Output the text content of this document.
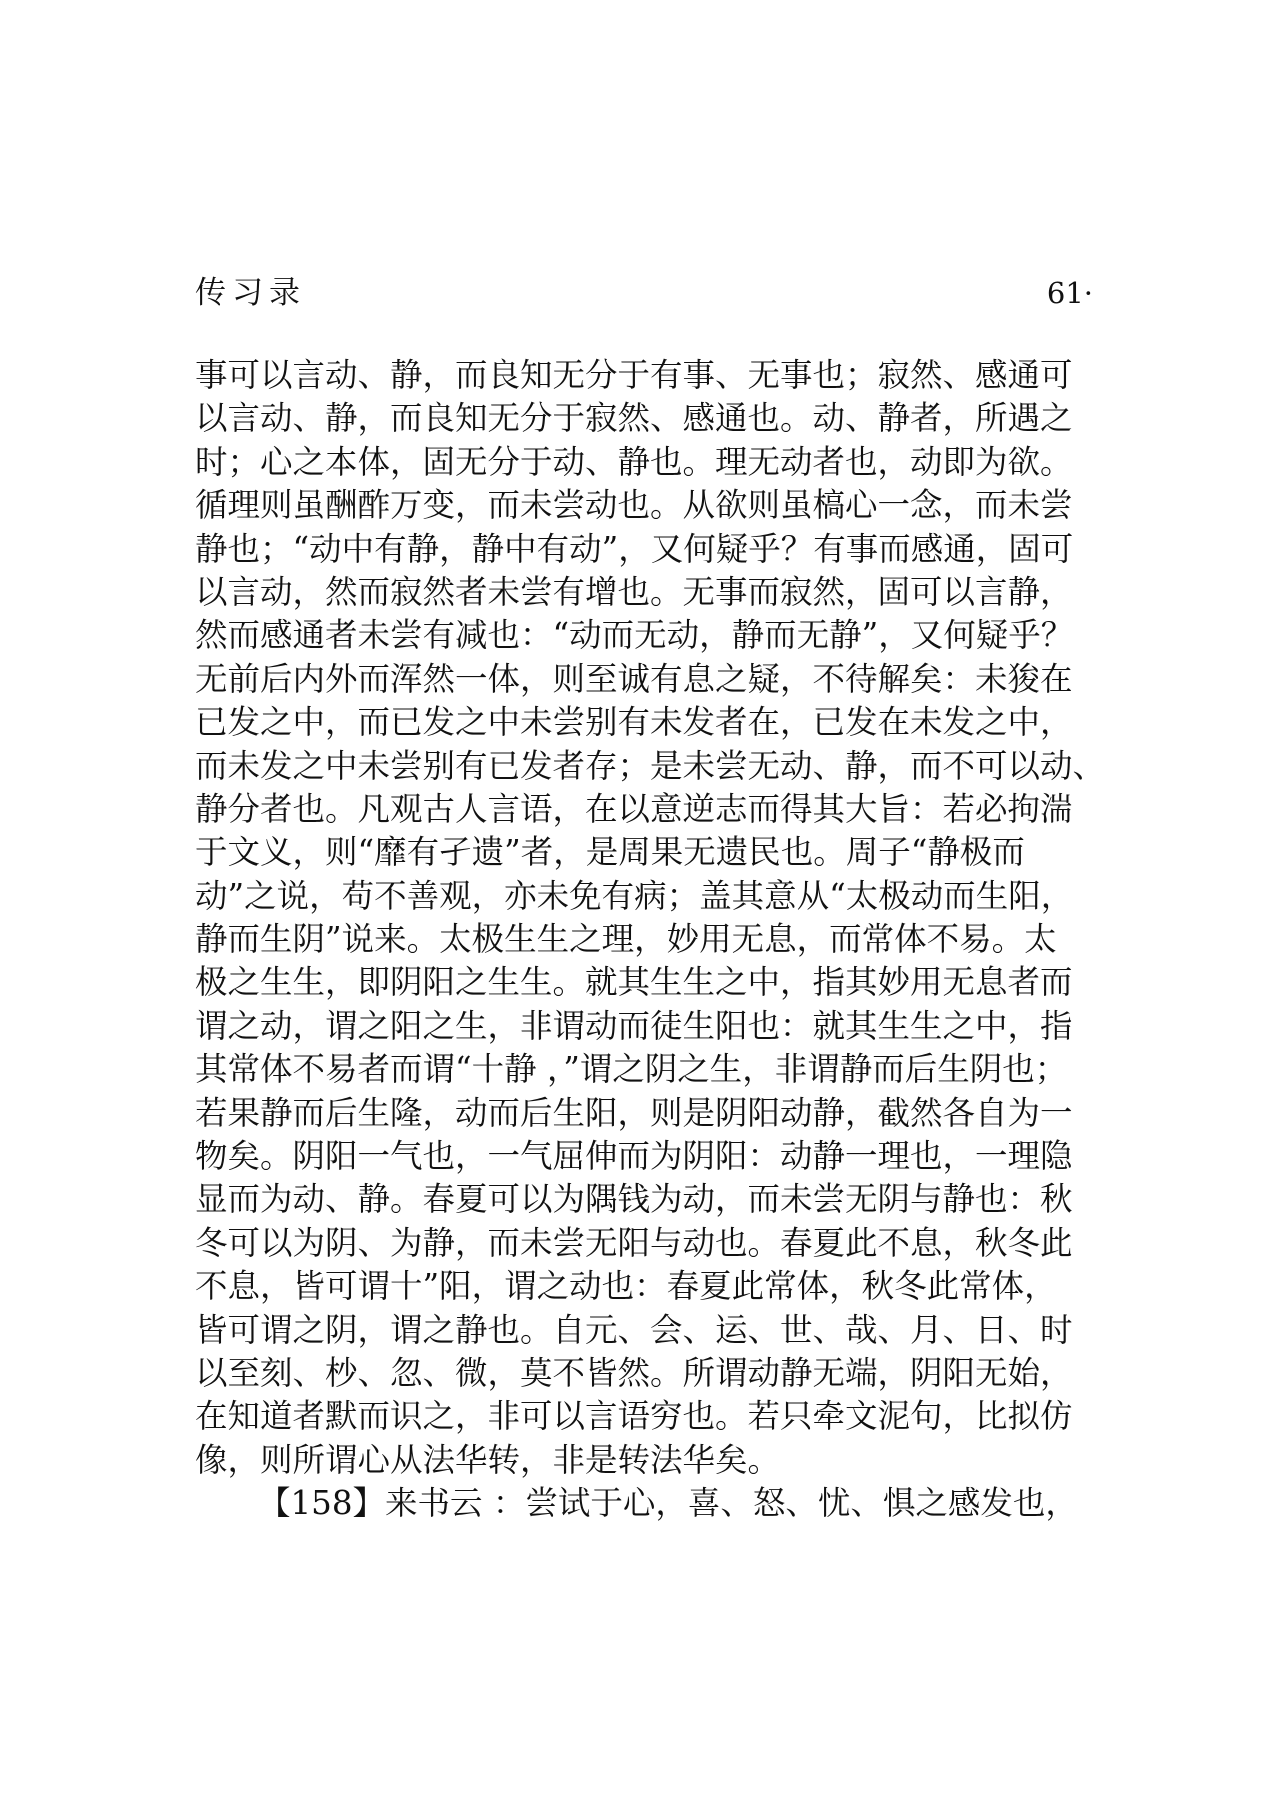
传习录	61·
事可以言动、静，而良知无分于有事、无事也；寂然、感通可
以言动、静，而良知无分于寂然、感通也。动、静者，所遇之
时；心之本体，固无分于动、静也。理无动者也，动即为欲。
循理则虽酬酢万变，而未尝动也。从欲则虽槁心一念，而未尝
静也；“动中有静，静中有动”，又何疑乎？有事而感通，固可
以言动，然而寂然者未尝有增也。无事而寂然，固可以言静，
然而感通者未尝有减也：“动而无动，静而无静”，又何疑乎？
无前后内外而浑然一体，则至诚有息之疑，不待解矣：未狻在
已发之中，而已发之中未尝别有未发者在，已发在未发之中，
而未发之中未尝别有已发者存；是未尝无动、静，而不可以动、
静分者也。凡观古人言语，在以意逆志而得其大旨：若必拘湍
于文义，则“靡有孑遗”者，是周果无遗民也。周子“静极而
动”之说，苟不善观，亦未免有病；盖其意从“太极动而生阳，
静而生阴”说来。太极生生之理，妙用无息，而常体不易。太
极之生生，即阴阳之生生。就其生生之中，指其妙用无息者而
谓之动，谓之阳之生，非谓动而徒生阳也：就其生生之中，指
其常体不易者而谓“十静 ，”谓之阴之生，非谓静而后生阴也；
若果静而后生隆，动而后生阳，则是阴阳动静，截然各自为一
物矣。阴阳一气也，一气屈伸而为阴阳：动静一理也，一理隐
显而为动、静。春夏可以为隅钱为动，而未尝无阴与静也：秋
冬可以为阴、为静，而未尝无阳与动也。春夏此不息，秋冬此
不息，皆可谓十”阳，谓之动也：春夏此常体，秋冬此常体，
皆可谓之阴，谓之静也。自元、会、运、世、哉、月、日、时
以至刻、杪、忽、微，莫不皆然。所谓动静无端，阴阳无始，
在知道者默而识之，非可以言语穷也。若只牵文泥句，比拟仿
像，则所谓心从法华转，非是转法华矣。
【158】来书云 ：尝试于心，喜、怒、忧、惧之感发也，
